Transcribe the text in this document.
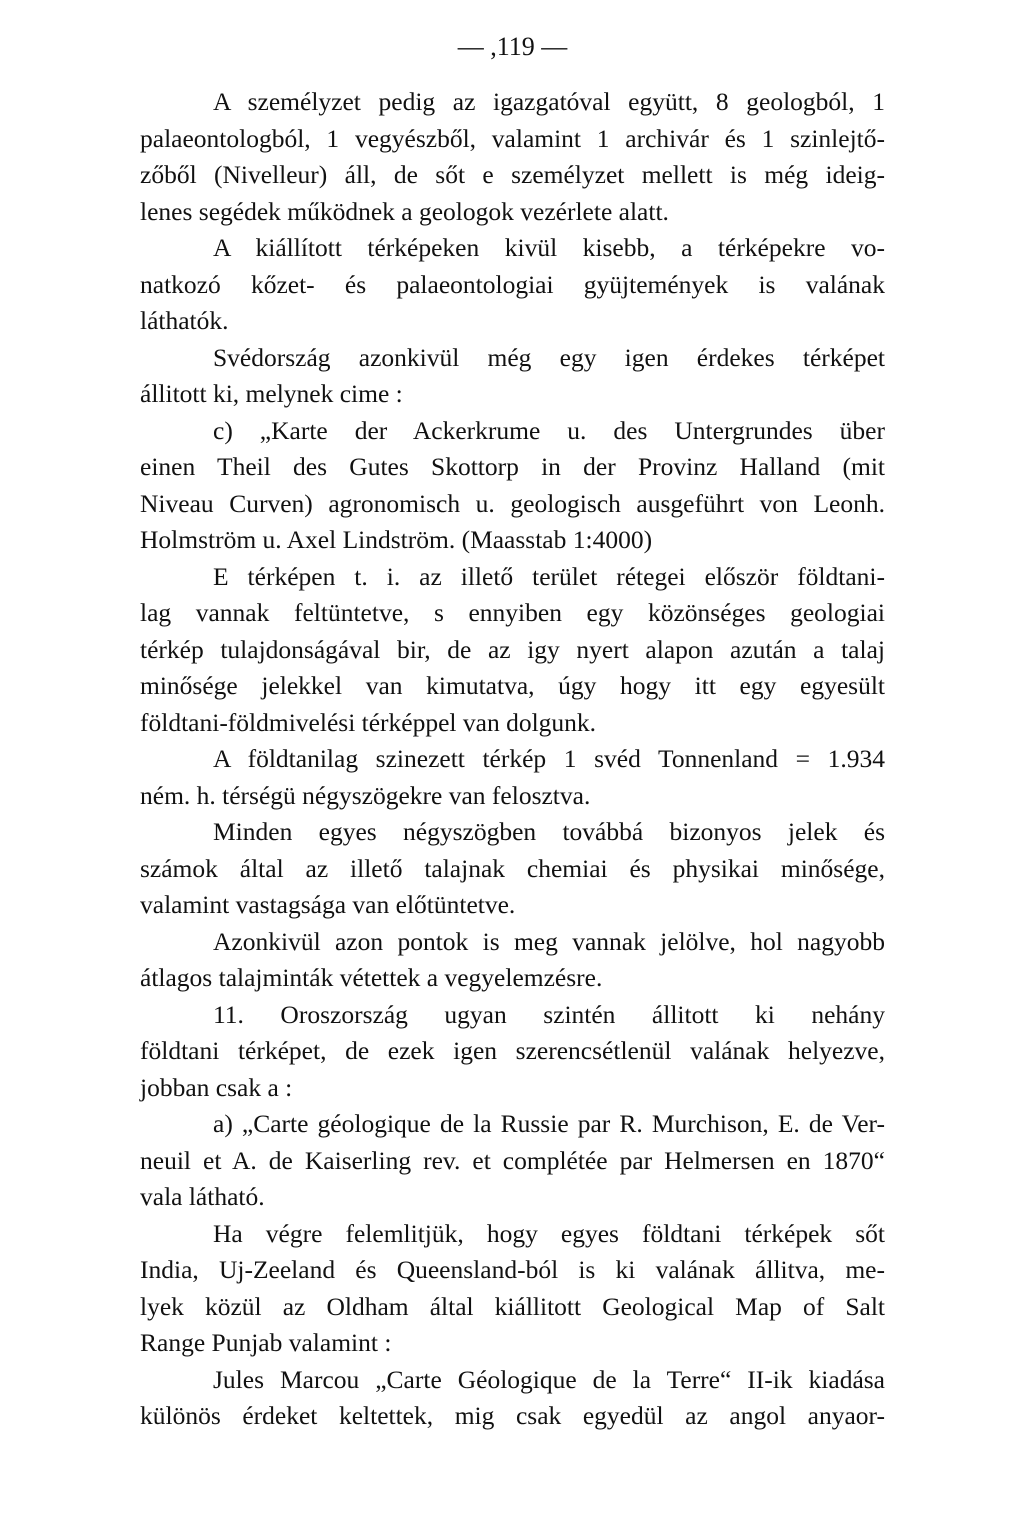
— ,119 —

A személyzet pedig az igazgatóval együtt, 8 geologból, 1

palaeontologból, 1 vegyészből, valamint 1 archivár és 1 szinlejtő-

zőből (Nivelleur) áll, de sőt e személyzet mellett is még ideig-

lenes segédek működnek a geologok vezérlete alatt.

A kiállított térképeken kivül kisebb, a térképekre vo-

natkozó kőzet- és palaeontologiai gyüjtemények is valának

láthatók.

Svédország azonkivül még egy igen érdekes térképet

állitott ki, melynek cime :

c) „Karte der Ackerkrume u. des Untergrundes über

einen Theil des Gutes Skottorp in der Provinz Halland (mit

Niveau Curven) agronomisch u. geologisch ausgeführt von Leonh.

Holmström u. Axel Lindström. (Maasstab 1:4000)

E térképen t. i. az illető terület rétegei először földtani-

lag vannak feltüntetve, s ennyiben egy közönséges geologiai

térkép tulajdonságával bir, de az igy nyert alapon azután a talaj

minősége jelekkel van kimutatva, úgy hogy itt egy egyesült

földtani-földmivelési térképpel van dolgunk.

A földtanilag szinezett térkép 1 svéd Tonnenland = 1.934

ném. h. térségü négyszögekre van felosztva.

Minden egyes négyszögben továbbá bizonyos jelek és

számok által az illető talajnak chemiai és physikai minősége,

valamint vastagsága van előtüntetve.

Azonkivül azon pontok is meg vannak jelölve, hol nagyobb

átlagos talajminták vétettek a vegyelemzésre.

11. Oroszország ugyan szintén állitott ki nehány

földtani térképet, de ezek igen szerencsétlenül valának helyezve,

jobban csak a :

a) „Carte géologique de la Russie par R. Murchison, E. de Ver-

neuil et A. de Kaiserling rev. et complétée par Helmersen en 1870“

vala látható.

Ha végre felemlitjük, hogy egyes földtani térképek sőt

India, Uj-Zeeland és Queensland-ból is ki valának állitva, me-

lyek közül az Oldham által kiállitott Geological Map of Salt

Range Punjab valamint :

Jules Marcou „Carte Géologique de la Terre“ II-ik kiadása

különös érdeket keltettek, mig csak egyedül az angol anyaor-
